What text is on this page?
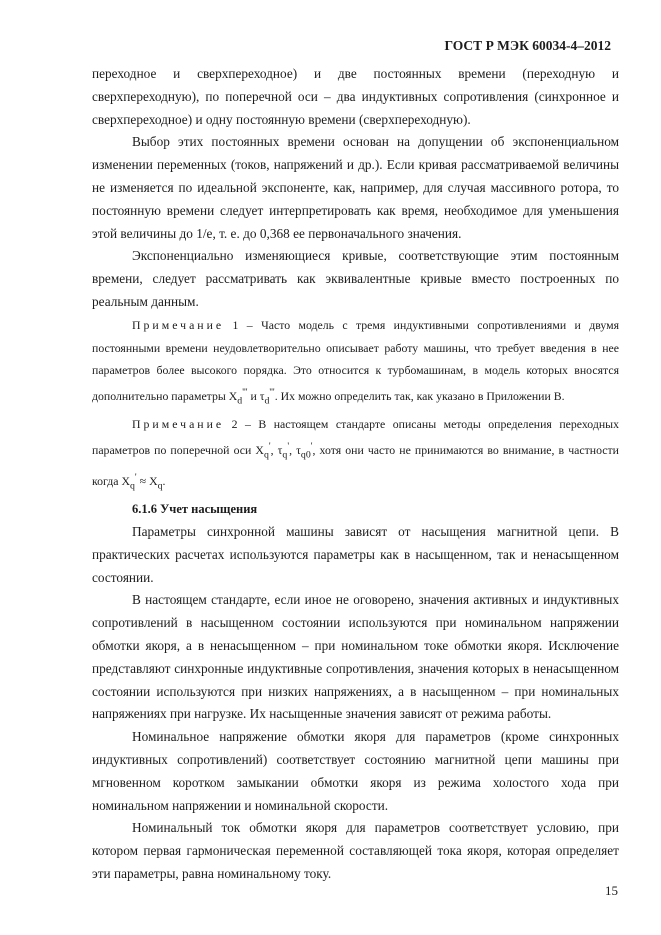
ГОСТ Р МЭК 60034-4–2012

переходное и сверхпереходное) и две постоянных времени (переходную и сверхпереходную), по поперечной оси – два индуктивных сопротивления (синхронное и сверхпереходное) и одну постоянную времени (сверхпереходную).

Выбор этих постоянных времени основан на допущении об экспоненциальном изменении переменных (токов, напряжений и др.). Если кривая рассматриваемой величины не изменяется по идеальной экспоненте, как, например, для случая массивного ротора, то постоянную времени следует интерпретировать как время, необходимое для уменьшения этой величины до 1/e, т. е. до 0,368 ее первоначального значения.

Экспоненциально изменяющиеся кривые, соответствующие этим постоянным времени, следует рассматривать как эквивалентные кривые вместо построенных по реальным данным.

Примечание 1 – Часто модель с тремя индуктивными сопротивлениями и двумя постоянными времени неудовлетворительно описывает работу машины, что требует введения в нее параметров более высокого порядка. Это относится к турбомашинам, в модель которых вносятся дополнительно параметры $X_d'''$ и $\tau_d'''$. Их можно определить так, как указано в Приложении В.

Примечание 2 – В настоящем стандарте описаны методы определения переходных параметров по поперечной оси $X_q'$, $\tau_q'$, $\tau_{q0}'$, хотя они часто не принимаются во внимание, в частности когда $X_q' \approx X_q$.

6.1.6 Учет насыщения

Параметры синхронной машины зависят от насыщения магнитной цепи. В практических расчетах используются параметры как в насыщенном, так и ненасыщенном состоянии.

В настоящем стандарте, если иное не оговорено, значения активных и индуктивных сопротивлений в насыщенном состоянии используются при номинальном напряжении обмотки якоря, а в ненасыщенном – при номинальном токе обмотки якоря. Исключение представляют синхронные индуктивные сопротивления, значения которых в ненасыщенном состоянии используются при низких напряжениях, а в насыщенном – при номинальных напряжениях при нагрузке. Их насыщенные значения зависят от режима работы.

Номинальное напряжение обмотки якоря для параметров (кроме синхронных индуктивных сопротивлений) соответствует состоянию магнитной цепи машины при мгновенном коротком замыкании обмотки якоря из режима холостого хода при номинальном напряжении и номинальной скорости.

Номинальный ток обмотки якоря для параметров соответствует условию, при котором первая гармоническая переменной составляющей тока якоря, которая определяет эти параметры, равна номинальному току.

15
